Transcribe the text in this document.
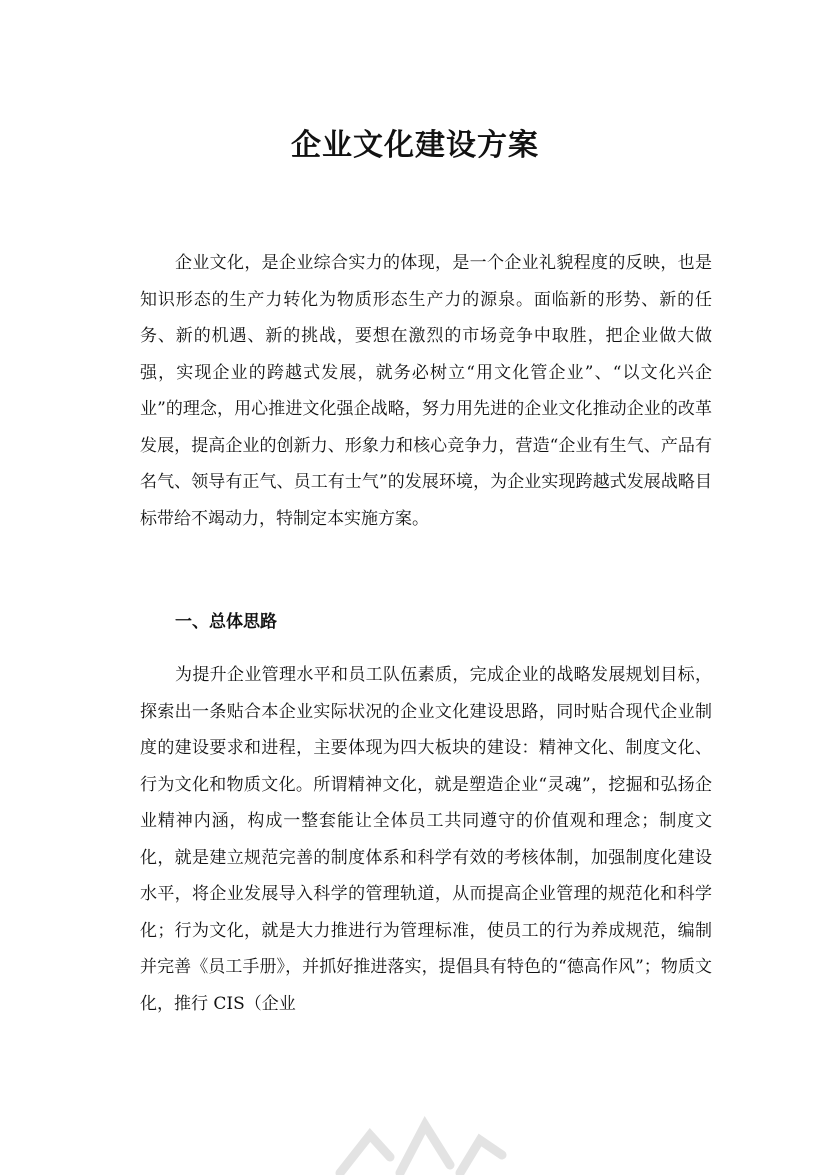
企业文化建设方案

企业文化，是企业综合实力的体现，是一个企业礼貌程度的反映，也是知识形态的生产力转化为物质形态生产力的源泉。面临新的形势、新的任务、新的机遇、新的挑战，要想在激烈的市场竞争中取胜，把企业做大做强，实现企业的跨越式发展，就务必树立“用文化管企业”、“以文化兴企业”的理念，用心推进文化强企战略，努力用先进的企业文化推动企业的改革发展，提高企业的创新力、形象力和核心竞争力，营造“企业有生气、产品有名气、领导有正气、员工有士气”的发展环境，为企业实现跨越式发展战略目标带给不竭动力，特制定本实施方案。

一、总体思路

为提升企业管理水平和员工队伍素质，完成企业的战略发展规划目标，探索出一条贴合本企业实际状况的企业文化建设思路，同时贴合现代企业制度的建设要求和进程，主要体现为四大板块的建设：精神文化、制度文化、行为文化和物质文化。所谓精神文化，就是塑造企业“灵魂”，挖掘和弘扬企业精神内涵，构成一整套能让全体员工共同遵守的价值观和理念；制度文化，就是建立规范完善的制度体系和科学有效的考核体制，加强制度化建设水平，将企业发展导入科学的管理轨道，从而提高企业管理的规范化和科学化；行为文化，就是大力推进行为管理标准，使员工的行为养成规范，编制并完善《员工手册》，并抓好推进落实，提倡具有特色的“德高作风”；物质文化，推行 CIS（企业
